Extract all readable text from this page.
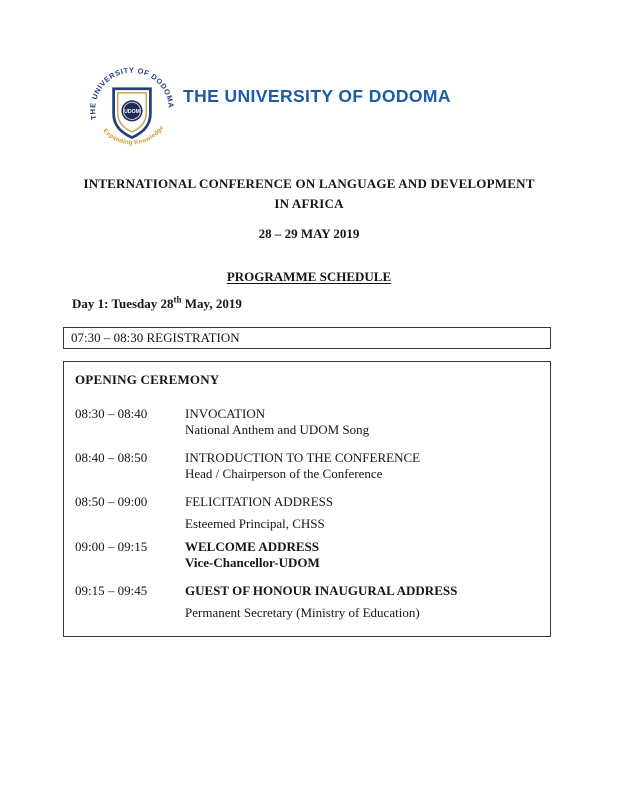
THE UNIVERSITY OF DODOMA
UDOM
Expanding Knowledge
THE UNIVERSITY OF DODOMA
INTERNATIONAL CONFERENCE ON LANGUAGE AND DEVELOPMENT IN AFRICA
28 – 29 MAY 2019

PROGRAMME SCHEDULE
Day 1: Tuesday 28th May, 2019
07:30 – 08:30 REGISTRATION
OPENING CEREMONY
08:30 – 08:40	INVOCATION
National Anthem and UDOM Song
08:40 – 08:50	INTRODUCTION TO THE CONFERENCE
Head / Chairperson of the Conference
08:50 – 09:00	FELICITATION ADDRESS
Esteemed Principal, CHSS
09:00 – 09:15	WELCOME ADDRESS
Vice-Chancellor-UDOM
09:15 – 09:45	GUEST OF HONOUR INAUGURAL ADDRESS
Permanent Secretary (Ministry of Education)
